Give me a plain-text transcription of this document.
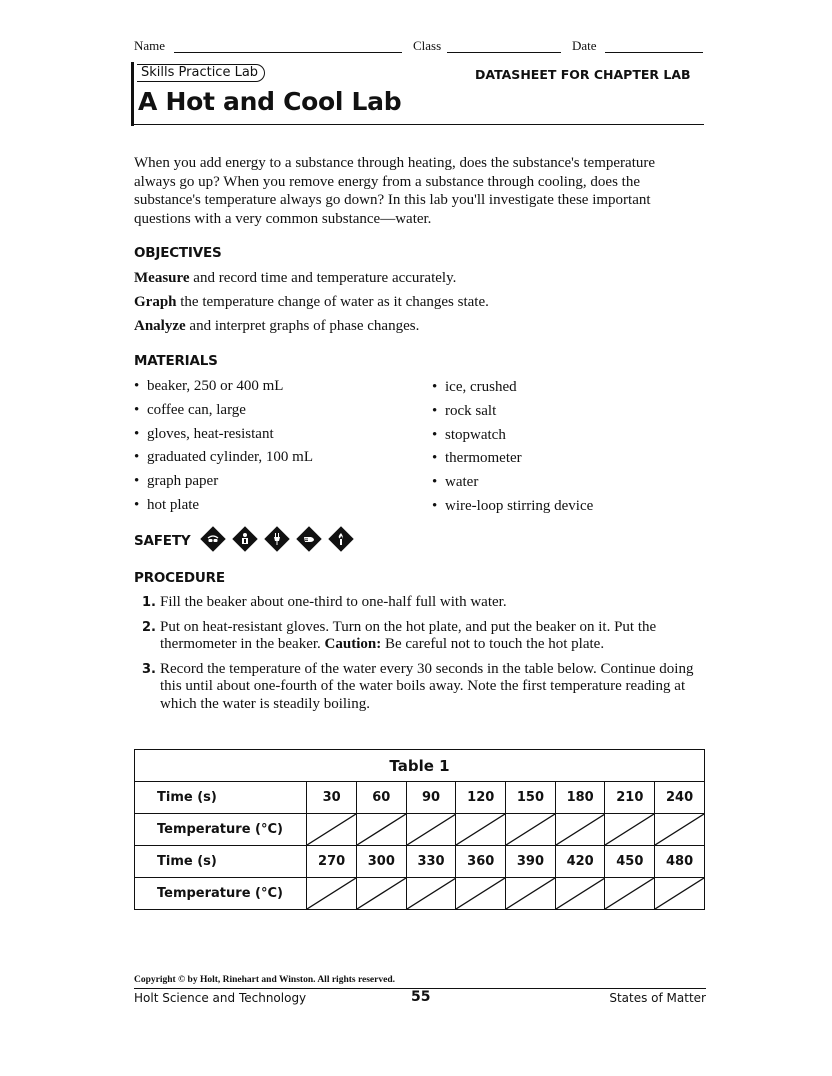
Name	Class	Date
Skills Practice Lab	DATASHEET FOR CHAPTER LAB
A Hot and Cool Lab
When you add energy to a substance through heating, does the substance's temperature always go up? When you remove energy from a substance through cooling, does the substance's temperature always go down? In this lab you'll investigate these important questions with a very common substance—water.
OBJECTIVES
Measure and record time and temperature accurately.
Graph the temperature change of water as it changes state.
Analyze and interpret graphs of phase changes.
MATERIALS
• beaker, 250 or 400 mL
• coffee can, large
• gloves, heat-resistant
• graduated cylinder, 100 mL
• graph paper
• hot plate
• ice, crushed
• rock salt
• stopwatch
• thermometer
• water
• wire-loop stirring device
SAFETY
PROCEDURE
1. Fill the beaker about one-third to one-half full with water.
2. Put on heat-resistant gloves. Turn on the hot plate, and put the beaker on it. Put the thermometer in the beaker. Caution: Be careful not to touch the hot plate.
3. Record the temperature of the water every 30 seconds in the table below. Continue doing this until about one-fourth of the water boils away. Note the first temperature reading at which the water is steadily boiling.
Table 1								
Time (s)	30	60	90	120	150	180	210	240
Temperature (°C)	

Time (s)	270	300	330	360	390	420	450	480
Temperature (°C)	

Copyright © by Holt, Rinehart and Winston. All rights reserved.
Holt Science and Technology	55	States of Matter
